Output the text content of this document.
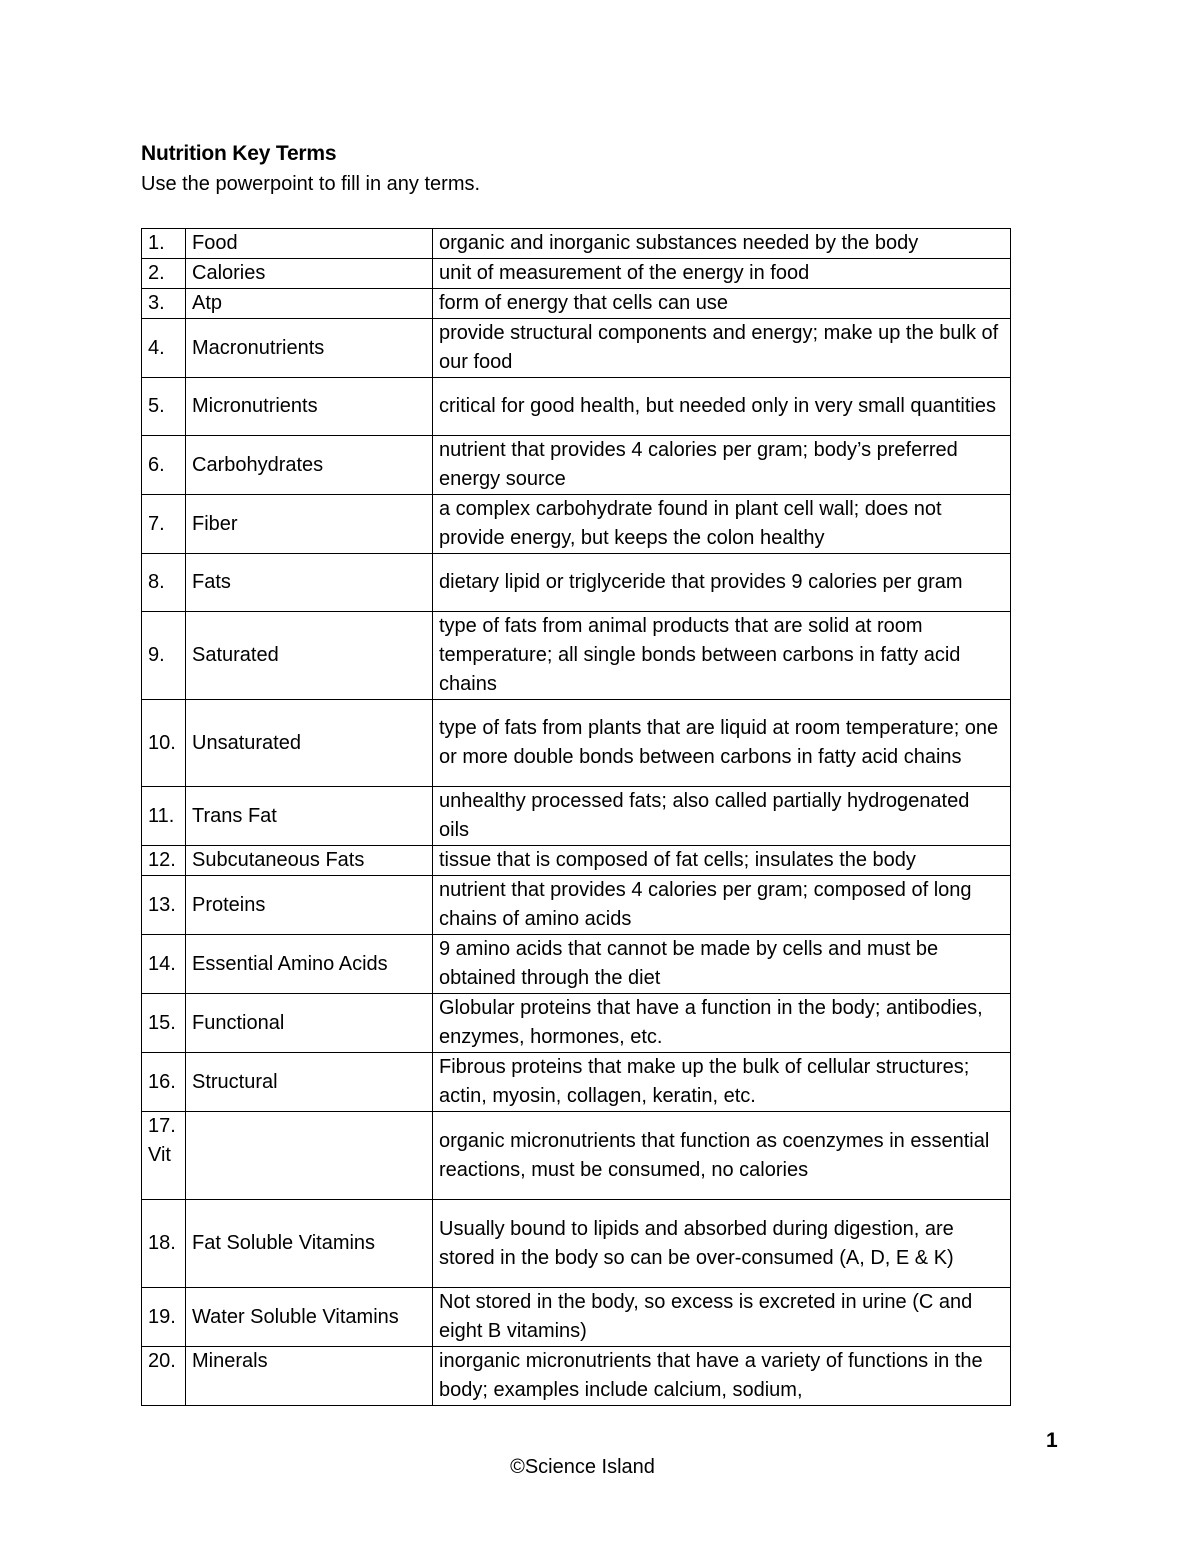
Nutrition Key Terms
Use the powerpoint to fill in any terms.
1.	Food	organic and inorganic substances needed by the body
2.	Calories	unit of measurement of the energy in food
3.	Atp	form of energy that cells can use
4.	Macronutrients	provide structural components and energy; make up the bulk of our food
5.	Micronutrients	critical for good health, but needed only in very small quantities
6.	Carbohydrates	nutrient that provides 4 calories per gram; body’s preferred energy source
7.	Fiber	a complex carbohydrate found in plant cell wall; does not provide energy, but keeps the colon healthy
8.	Fats	dietary lipid or triglyceride that provides 9 calories per gram
9.	Saturated	type of fats from animal products that are solid at room temperature; all single bonds between carbons in fatty acid chains
10.	Unsaturated	type of fats from plants that are liquid at room temperature; one or more double bonds between carbons in fatty acid chains
11.	Trans Fat	unhealthy processed fats; also called partially hydrogenated oils
12.	Subcutaneous Fats	tissue that is composed of fat cells; insulates the body
13.	Proteins	nutrient that provides 4 calories per gram; composed of long chains of amino acids
14.	Essential Amino Acids	9 amino acids that cannot be made by cells and must be obtained through the diet
15.	Functional	Globular proteins that have a function in the body; antibodies, enzymes, hormones, etc.
16.	Structural	Fibrous proteins that make up the bulk of cellular structures; actin, myosin, collagen, keratin, etc.
17. Vit		organic micronutrients that function as coenzymes in essential reactions, must be consumed, no calories
18.	Fat Soluble Vitamins	Usually bound to lipids and absorbed during digestion, are stored in the body so can be over-consumed (A, D, E & K)
19.	Water Soluble Vitamins	Not stored in the body, so excess is excreted in urine (C and eight B vitamins)
20.	Minerals	inorganic micronutrients that have a variety of functions in the body; examples include calcium, sodium,
1
©Science Island
